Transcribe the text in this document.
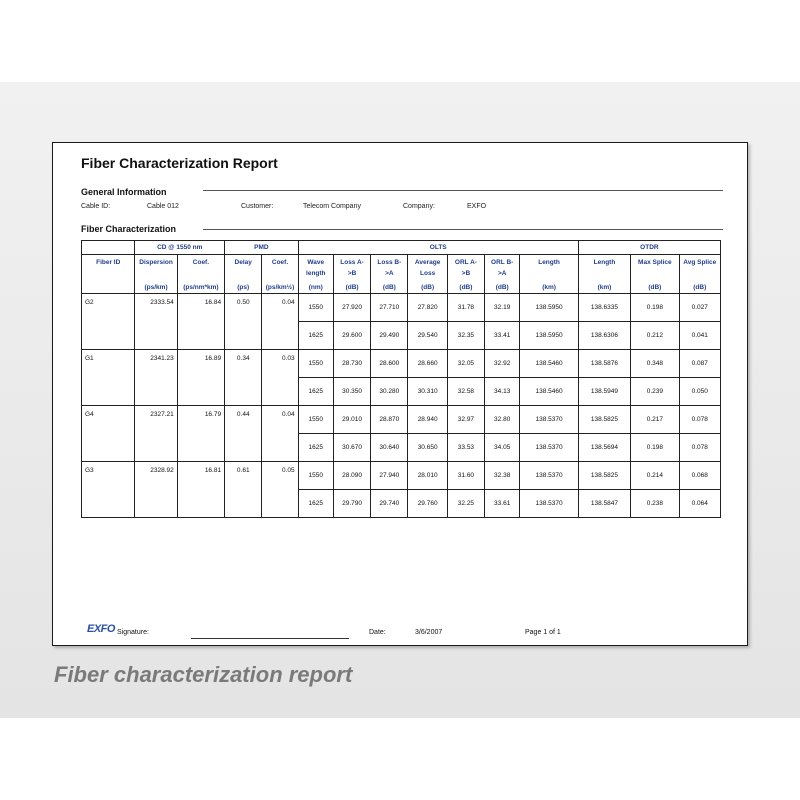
Fiber Characterization Report
General Information
Cable ID:	Cable 012	Customer:	Telecom Company	Company:	EXFO
Fiber Characterization
	CD @ 1550 nm		PMD		OLTS							OTDR		
Fiber ID	Dispersion	Coef.	Delay	Coef.	Wave length	Loss A->B	Loss B->A	Average Loss	ORL A->B	ORL B->A	Length	Length	Max Splice	Avg Splice
	(ps/km)	(ps/nm*km)	(ps)	(ps/km½)	(nm)	(dB)	(dB)	(dB)	(dB)	(dB)	(km)	(km)	(dB)	(dB)
G2	2333.54	16.84	0.50	0.04	1550	27.920	27.710	27.820	31.78	32.19	138.5950	138.6335	0.198	0.027
					1625	29.600	29.490	29.540	32.35	33.41	138.5950	138.6306	0.212	0.041
G1	2341.23	16.89	0.34	0.03	1550	28.730	28.600	28.660	32.05	32.92	138.5460	138.5876	0.348	0.087
					1625	30.350	30.280	30.310	32.58	34.13	138.5460	138.5949	0.239	0.050
G4	2327.21	16.79	0.44	0.04	1550	29.010	28.870	28.940	32.97	32.80	138.5370	138.5825	0.217	0.078
					1625	30.670	30.640	30.650	33.53	34.05	138.5370	138.5694	0.198	0.078
G3	2328.92	16.81	0.61	0.05	1550	28.090	27.940	28.010	31.60	32.38	138.5370	138.5825	0.214	0.068
					1625	29.790	29.740	29.760	32.25	33.61	138.5370	138.5847	0.238	0.064
EXFO Signature:	Date:	3/6/2007	Page 1 of 1
Fiber characterization report
